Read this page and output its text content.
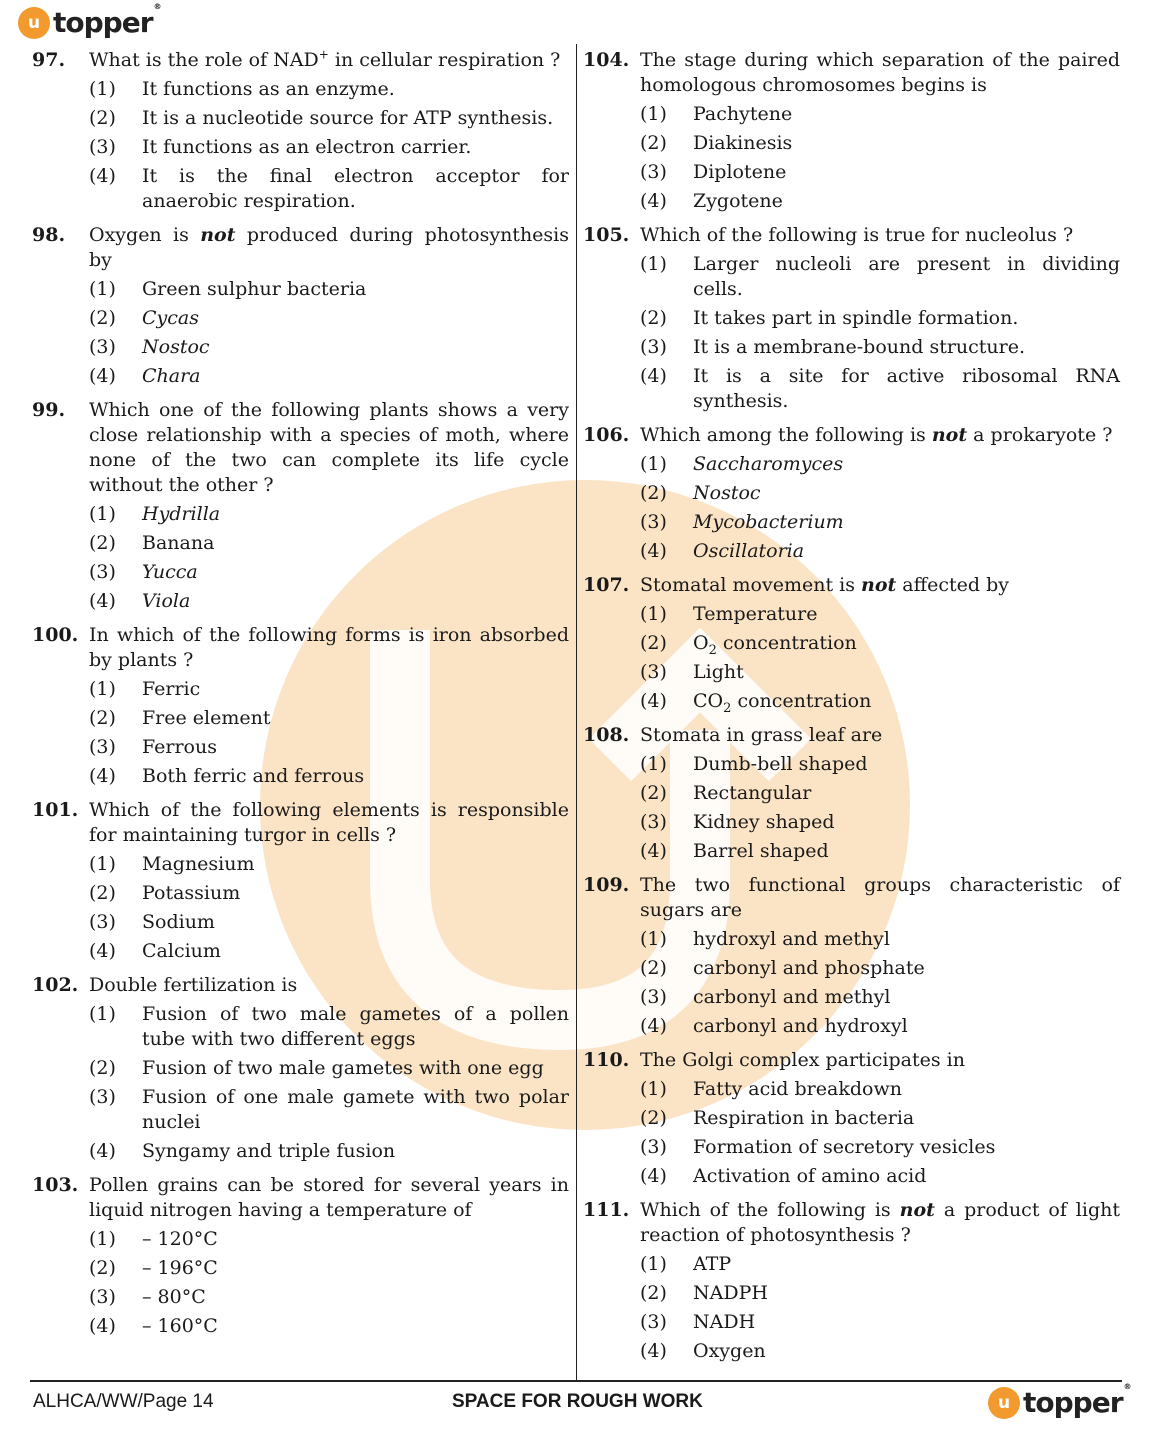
u topper ®
97.	What is the role of NAD+ in cellular respiration ?
(1)	It functions as an enzyme.
(2)	It is a nucleotide source for ATP synthesis.
(3)	It functions as an electron carrier.
(4)	It is the final electron acceptor for anaerobic respiration.
98.	Oxygen is not produced during photosynthesis by
(1)	Green sulphur bacteria
(2)	Cycas
(3)	Nostoc
(4)	Chara
99.	Which one of the following plants shows a very close relationship with a species of moth, where none of the two can complete its life cycle without the other ?
(1)	Hydrilla
(2)	Banana
(3)	Yucca
(4)	Viola
100. In which of the following forms is iron absorbed by plants ?
(1)	Ferric
(2)	Free element
(3)	Ferrous
(4)	Both ferric and ferrous
101. Which of the following elements is responsible for maintaining turgor in cells ?
(1)	Magnesium
(2)	Potassium
(3)	Sodium
(4)	Calcium
102. Double fertilization is
(1)	Fusion of two male gametes of a pollen tube with two different eggs
(2)	Fusion of two male gametes with one egg
(3)	Fusion of one male gamete with two polar nuclei
(4)	Syngamy and triple fusion
103. Pollen grains can be stored for several years in liquid nitrogen having a temperature of
(1)	– 120°C
(2)	– 196°C
(3)	– 80°C
(4)	– 160°C
104. The stage during which separation of the paired homologous chromosomes begins is
(1)	Pachytene
(2)	Diakinesis
(3)	Diplotene
(4)	Zygotene
105. Which of the following is true for nucleolus ?
(1)	Larger nucleoli are present in dividing cells.
(2)	It takes part in spindle formation.
(3)	It is a membrane-bound structure.
(4)	It is a site for active ribosomal RNA synthesis.
106. Which among the following is not a prokaryote ?
(1)	Saccharomyces
(2)	Nostoc
(3)	Mycobacterium
(4)	Oscillatoria
107. Stomatal movement is not affected by
(1)	Temperature
(2)	$O_2$ concentration
(3)	Light
(4)	$CO_2$ concentration
108. Stomata in grass leaf are
(1)	Dumb-bell shaped
(2)	Rectangular
(3)	Kidney shaped
(4)	Barrel shaped
109. The two functional groups characteristic of sugars are
(1)	hydroxyl and methyl
(2)	carbonyl and phosphate
(3)	carbonyl and methyl
(4)	carbonyl and hydroxyl
110. The Golgi complex participates in
(1)	Fatty acid breakdown
(2)	Respiration in bacteria
(3)	Formation of secretory vesicles
(4)	Activation of amino acid
111. Which of the following is not a product of light reaction of photosynthesis ?
(1)	ATP
(2)	NADPH
(3)	NADH
(4)	Oxygen
ALHCA/WW/Page 14	SPACE FOR ROUGH WORK	u topper ®
